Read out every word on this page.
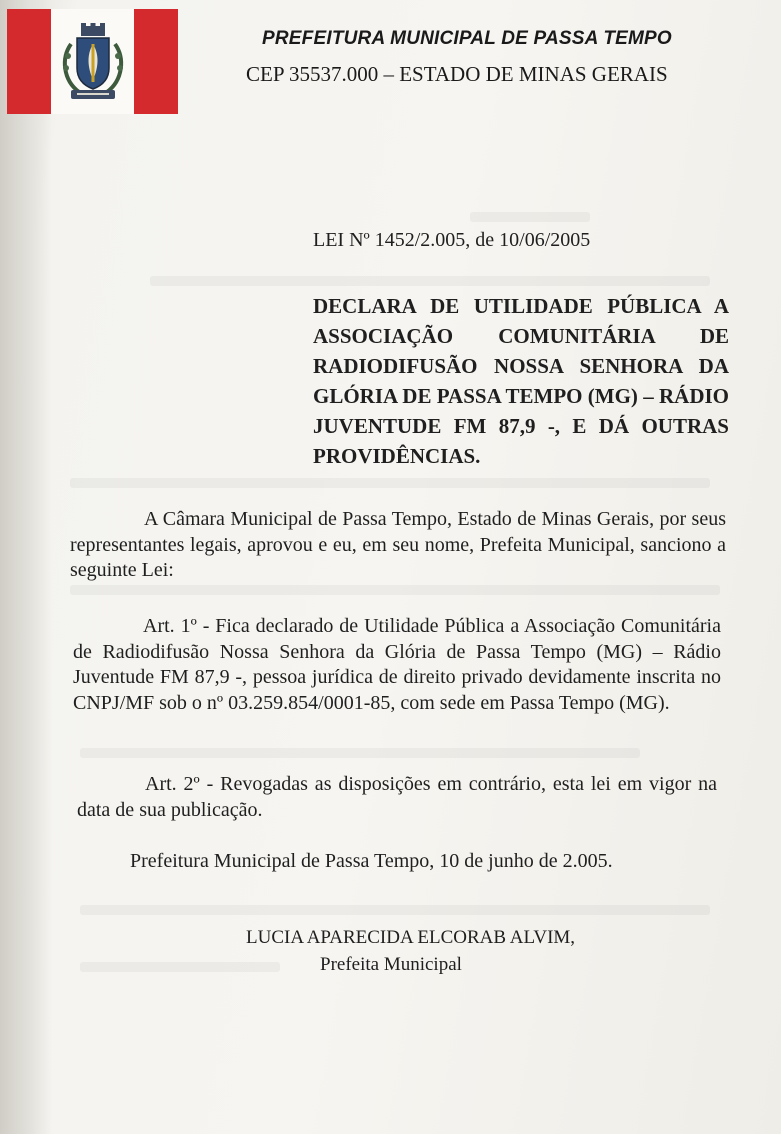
PREFEITURA MUNICIPAL DE PASSA TEMPO
CEP 35537.000 – ESTADO DE MINAS GERAIS
LEI Nº 1452/2.005, de 10/06/2005
DECLARA DE UTILIDADE PÚBLICA A ASSOCIAÇÃO COMUNITÁRIA DE RADIODIFUSÃO NOSSA SENHORA DA GLÓRIA DE PASSA TEMPO (MG) – RÁDIO JUVENTUDE FM 87,9 -, E DÁ OUTRAS PROVIDÊNCIAS.
A Câmara Municipal de Passa Tempo, Estado de Minas Gerais, por seus representantes legais, aprovou e eu, em seu nome, Prefeita Municipal, sanciono a seguinte Lei:
Art. 1º - Fica declarado de Utilidade Pública a Associação Comunitária de Radiodifusão Nossa Senhora da Glória de Passa Tempo (MG) – Rádio Juventude FM 87,9 -, pessoa jurídica de direito privado devidamente inscrita no CNPJ/MF sob o nº 03.259.854/0001-85, com sede em Passa Tempo (MG).
Art. 2º - Revogadas as disposições em contrário, esta lei em vigor na data de sua publicação.
Prefeitura Municipal de Passa Tempo, 10 de junho de 2.005.
LUCIA APARECIDA ELCORAB ALVIM,
Prefeita Municipal
